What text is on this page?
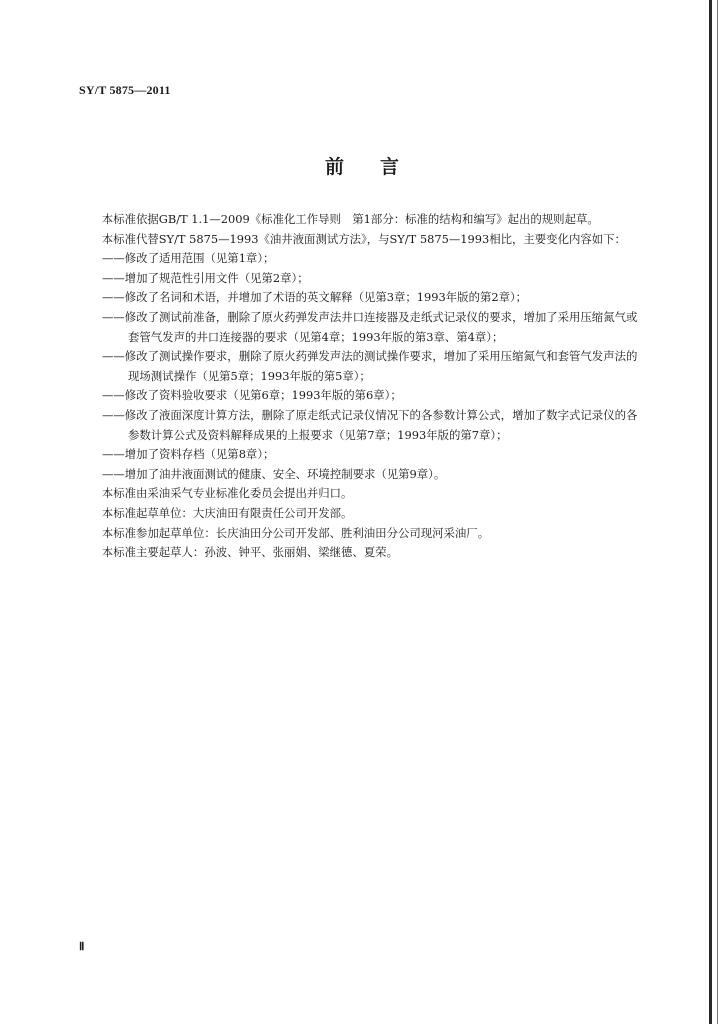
SY/T 5875—2011
前言

本标准依据GB/T 1.1—2009《标准化工作导则　第1部分：标准的结构和编写》起出的规则起草。

本标准代替SY/T 5875—1993《油井液面测试方法》，与SY/T 5875—1993相比，主要变化内容如下：

——修改了适用范围（见第1章）；

——增加了规范性引用文件（见第2章）；

——修改了名词和术语，并增加了术语的英文解释（见第3章；1993年版的第2章）；

——修改了测试前准备，删除了原火药弹发声法井口连接器及走纸式记录仪的要求，增加了采用压缩氮气或套管气发声的井口连接器的要求（见第4章；1993年版的第3章、第4章）；

——修改了测试操作要求，删除了原火药弹发声法的测试操作要求，增加了采用压缩氮气和套管气发声法的现场测试操作（见第5章；1993年版的第5章）；

——修改了资料验收要求（见第6章；1993年版的第6章）；

——修改了液面深度计算方法，删除了原走纸式记录仪情况下的各参数计算公式，增加了数字式记录仪的各参数计算公式及资料解释成果的上报要求（见第7章；1993年版的第7章）；

——增加了资料存档（见第8章）；

——增加了油井液面测试的健康、安全、环境控制要求（见第9章）。

本标准由采油采气专业标准化委员会提出并归口。

本标准起草单位：大庆油田有限责任公司开发部。

本标准参加起草单位：长庆油田分公司开发部、胜利油田分公司现河采油厂。

本标准主要起草人：孙波、钟平、张丽娟、梁继德、夏荣。

Ⅱ
